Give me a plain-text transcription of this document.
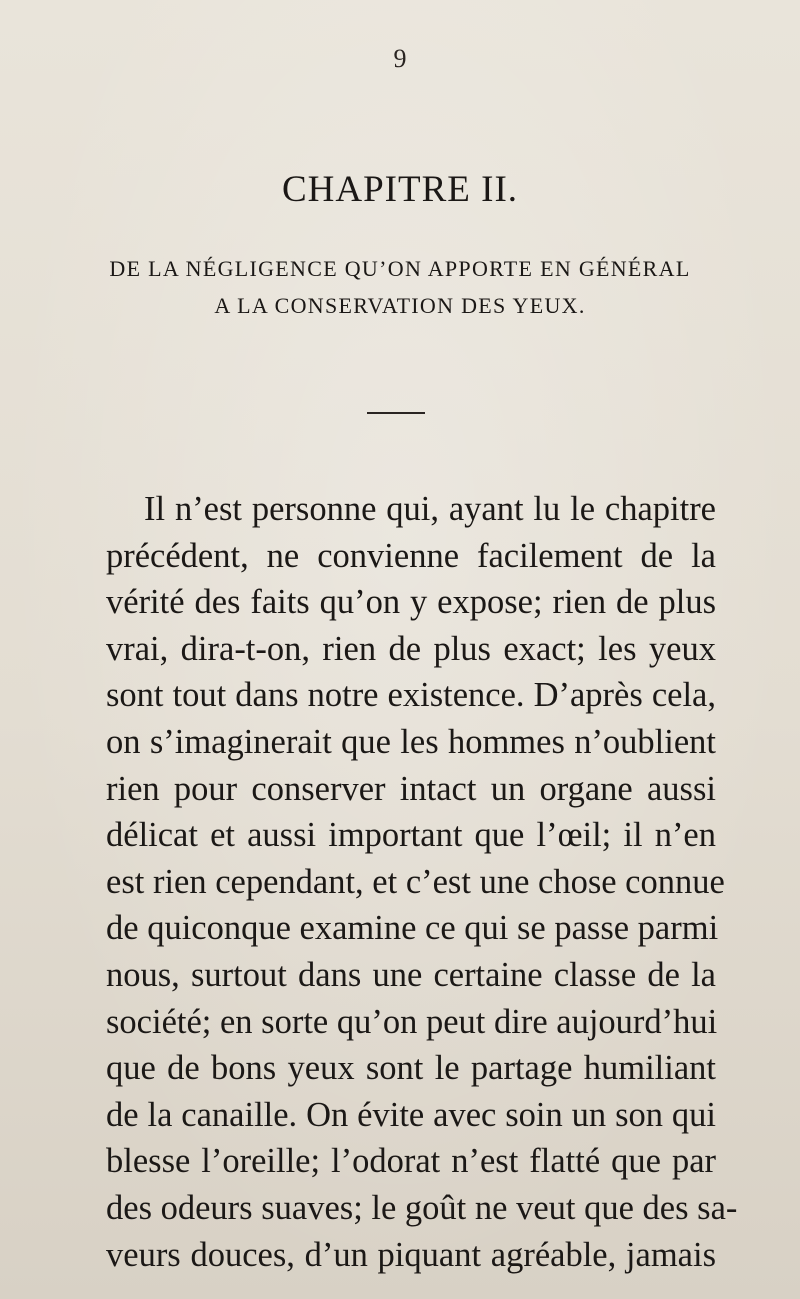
9
CHAPITRE II.
DE LA NÉGLIGENCE QU’ON APPORTE EN GÉNÉRAL
A LA CONSERVATION DES YEUX.
Il n’est personne qui, ayant lu le chapitre
précédent, ne convienne facilement de la
vérité des faits qu’on y expose; rien de plus
vrai, dira-t-on, rien de plus exact; les yeux
sont tout dans notre existence. D’après cela,
on s’imaginerait que les hommes n’oublient
rien pour conserver intact un organe aussi
délicat et aussi important que l’œil; il n’en
est rien cependant, et c’est une chose connue
de quiconque examine ce qui se passe parmi
nous, surtout dans une certaine classe de la
société; en sorte qu’on peut dire aujourd’hui
que de bons yeux sont le partage humiliant
de la canaille. On évite avec soin un son qui
blesse l’oreille; l’odorat n’est flatté que par
des odeurs suaves; le goût ne veut que des sa-
veurs douces, d’un piquant agréable, jamais
